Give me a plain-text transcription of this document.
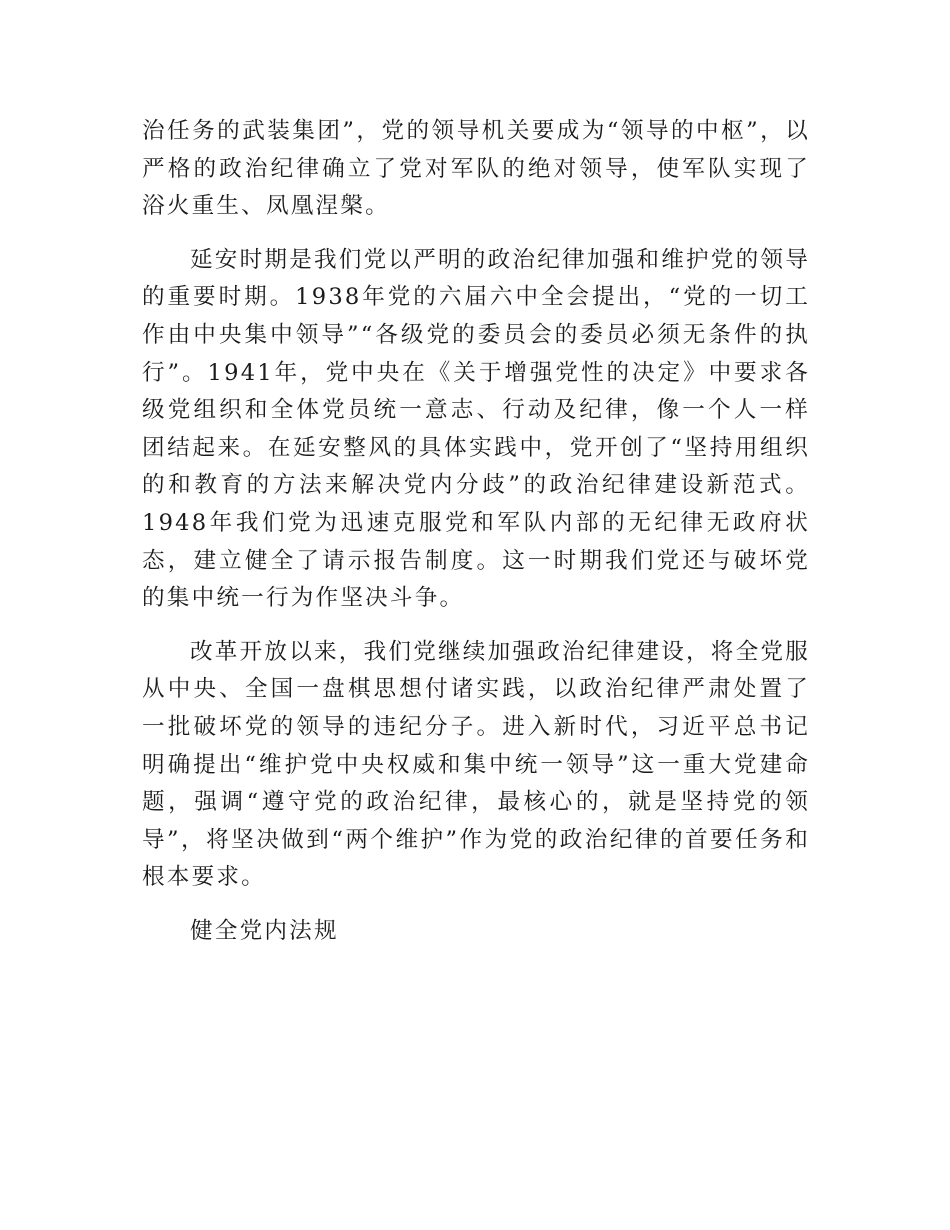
治任务的武装集团”，党的领导机关要成为“领导的中枢”，以严格的政治纪律确立了党对军队的绝对领导，使军队实现了浴火重生、凤凰涅槃。

延安时期是我们党以严明的政治纪律加强和维护党的领导的重要时期。1938年党的六届六中全会提出，“党的一切工作由中央集中领导”“各级党的委员会的委员必须无条件的执行”。1941年，党中央在《关于增强党性的决定》中要求各级党组织和全体党员统一意志、行动及纪律，像一个人一样团结起来。在延安整风的具体实践中，党开创了“坚持用组织的和教育的方法来解决党内分歧”的政治纪律建设新范式。1948年我们党为迅速克服党和军队内部的无纪律无政府状态，建立健全了请示报告制度。这一时期我们党还与破坏党的集中统一行为作坚决斗争。

改革开放以来，我们党继续加强政治纪律建设，将全党服从中央、全国一盘棋思想付诸实践，以政治纪律严肃处置了一批破坏党的领导的违纪分子。进入新时代，习近平总书记明确提出“维护党中央权威和集中统一领导”这一重大党建命题，强调“遵守党的政治纪律，最核心的，就是坚持党的领导”，将坚决做到“两个维护”作为党的政治纪律的首要任务和根本要求。

健全党内法规
